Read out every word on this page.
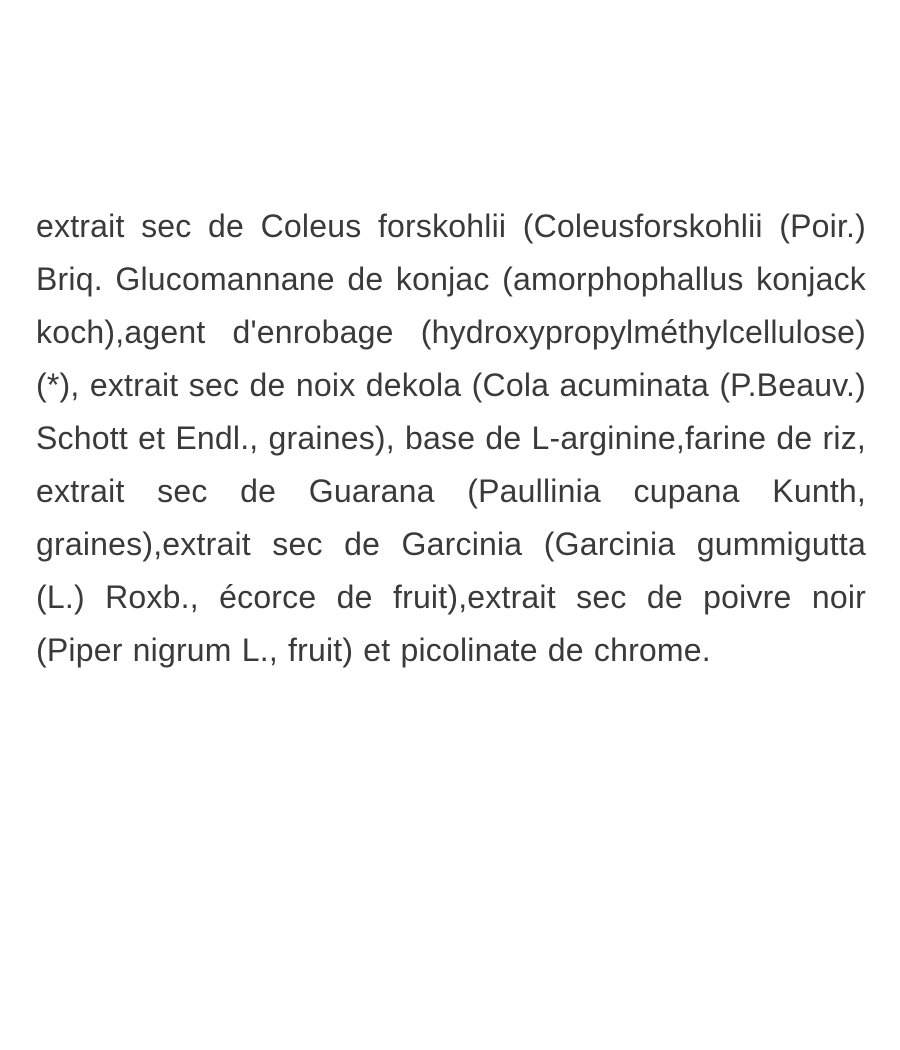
extrait sec de Coleus forskohlii (Coleusforskohlii (Poir.) Briq. Glucomannane de konjac (amorphophallus konjack koch),agent d'enrobage (hydroxypropylméthylcellulose) (*), extrait sec de noix dekola (Cola acuminata (P.Beauv.) Schott et Endl., graines), base de L-arginine,farine de riz, extrait sec de Guarana (Paullinia cupana Kunth, graines),extrait sec de Garcinia (Garcinia gummigutta (L.) Roxb., écorce de fruit),extrait sec de poivre noir (Piper nigrum L., fruit) et picolinate de chrome.
